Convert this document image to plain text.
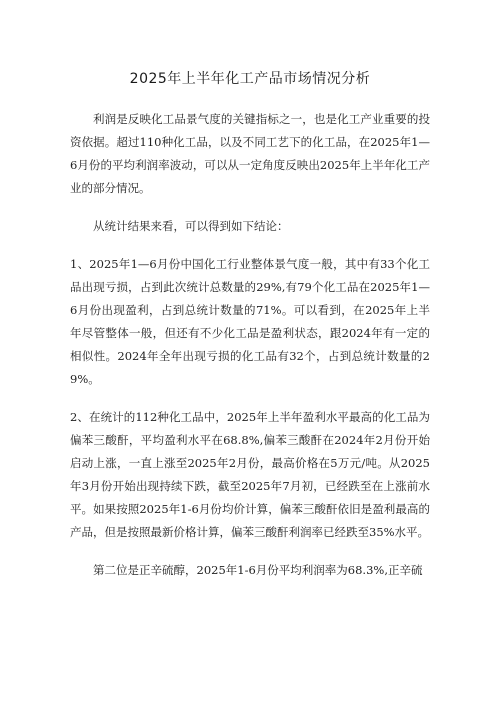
2025年上半年化工产品市场情况分析

利润是反映化工品景气度的关键指标之一，也是化工产业重要的投资依据。超过110种化工品，以及不同工艺下的化工品，在2025年1—6月份的平均利润率波动，可以从一定角度反映出2025年上半年化工产业的部分情况。

从统计结果来看，可以得到如下结论：

1、2025年1—6月份中国化工行业整体景气度一般，其中有33个化工品出现亏损，占到此次统计总数量的29%,有79个化工品在2025年1—6月份出现盈利，占到总统计数量的71%。可以看到，在2025年上半年尽管整体一般，但还有不少化工品是盈利状态，跟2024年有一定的相似性。2024年全年出现亏损的化工品有32个，占到总统计数量的29%。

2、在统计的112种化工品中，2025年上半年盈利水平最高的化工品为偏苯三酸酐，平均盈利水平在68.8%,偏苯三酸酐在2024年2月份开始启动上涨，一直上涨至2025年2月份，最高价格在5万元/吨。从2025年3月份开始出现持续下跌，截至2025年7月初，已经跌至在上涨前水平。如果按照2025年1-6月份均价计算，偏苯三酸酐依旧是盈利最高的产品，但是按照最新价格计算，偏苯三酸酐利润率已经跌至35%水平。

第二位是正辛硫醇，2025年1-6月份平均利润率为68.3%,正辛硫
